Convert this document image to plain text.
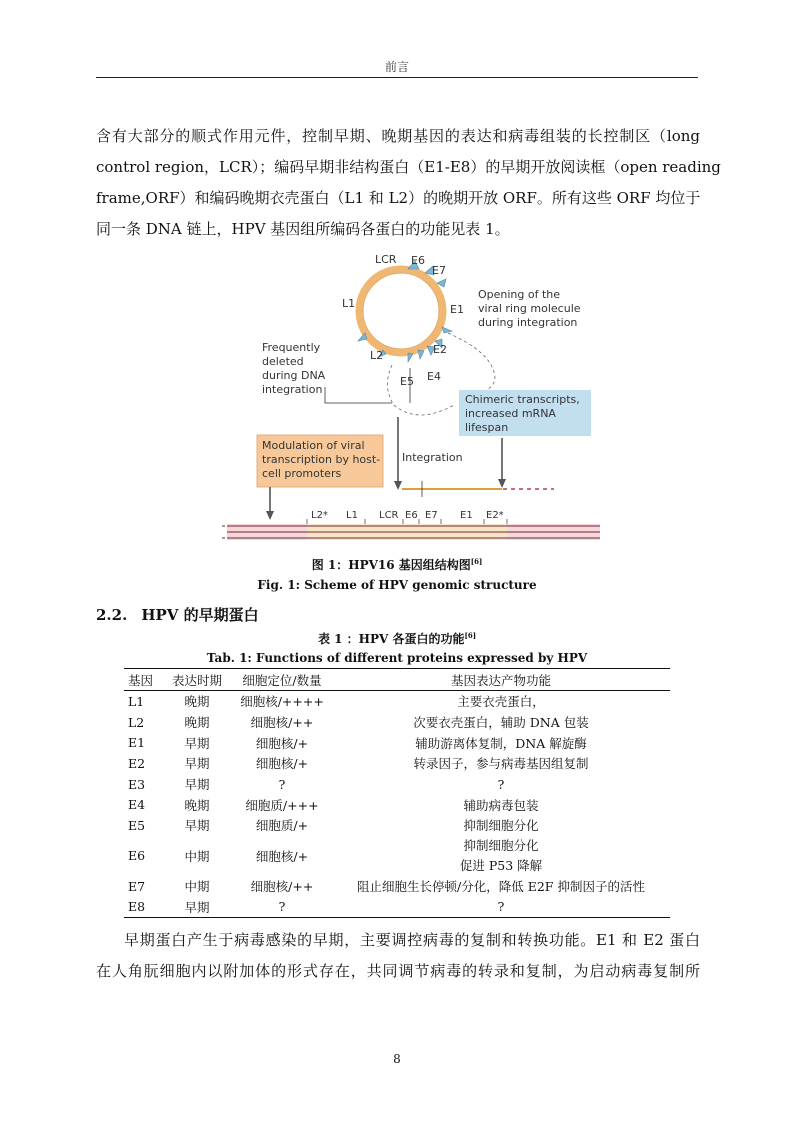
前言
含有大部分的顺式作用元件，控制早期、晚期基因的表达和病毒组装的长控制区（long
control region，LCR）；编码早期非结构蛋白（E1-E8）的早期开放阅读框（open reading
frame,ORF）和编码晚期衣壳蛋白（L1 和 L2）的晚期开放 ORF。所有这些 ORF 均位于
同一条 DNA 链上，HPV 基因组所编码各蛋白的功能见表 1。
LCR E6
E7
E1
E2
E4
E5
L2
L1
Opening of the viral ring molecule during integration
Frequently deleted during DNA integration
Chimeric transcripts, increased mRNA lifespan
Modulation of viral transcription by host- cell promoters
Integration
L2* L1 LCR E6 E7 E1 E2*
图 1：HPV16 基因组结构图[6]
Fig. 1: Scheme of HPV genomic structure
2.2. HPV 的早期蛋白
表 1 ：HPV 各蛋白的功能[6]
Tab. 1: Functions of different proteins expressed by HPV
基因	表达时期	细胞定位/数量	基因表达产物功能
L1	晚期	细胞核/++++	主要衣壳蛋白，
L2	晚期	细胞核/++	次要衣壳蛋白，辅助 DNA 包装
E1	早期	细胞核/+	辅助游离体复制，DNA 解旋酶
E2	早期	细胞核/+	转录因子，参与病毒基因组复制
E3	早期	?	?
E4	晚期	细胞质/+++	辅助病毒包装
E5	早期	细胞质/+	抑制细胞分化
E6	中期	细胞核/+	抑制细胞分化
促进 P53 降解

E7	中期	细胞核/++	阻止细胞生长停顿/分化，降低 E2F 抑制因子的活性
E8	早期	?	?
早期蛋白产生于病毒感染的早期，主要调控病毒的复制和转换功能。E1 和 E2 蛋白
在人角朊细胞内以附加体的形式存在，共同调节病毒的转录和复制，为启动病毒复制所
8
